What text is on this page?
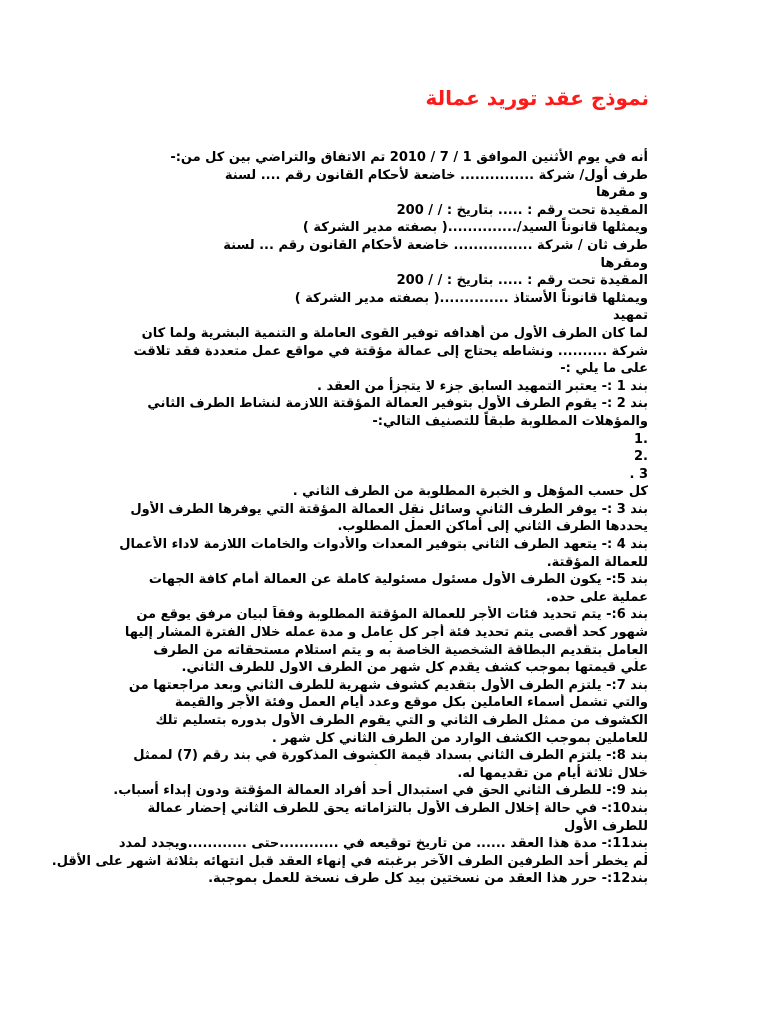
نموذج عقد توريد عمالة
أنه في يوم الأثنين الموافق 1 / 7 / 2010 تم الاتفاق والتراضي بين كل من:-
طرف أول/ شركة ............... خاضعة لأحكام القانون رقم .... لسنة
و مقرها
المقيدة تحت رقم : ..... بتاريخ : / / 200
ويمثلها قانوناً السيد/..............( بصفته مدير الشركة )
طرف ثان / شركة ................ خاضعة لأحكام القانون رقم ... لسنة
ومقرها
المقيدة تحت رقم : ..... بتاريخ : / / 200
ويمثلها قانوناً الأستاذ ..............( بصفته مدير الشركة )
تمهيد
لما كان الطرف الأول من أهدافه توفير القوى العاملة و التنمية البشرية ولما كان
شركة .......... ونشاطه يحتاج إلى عمالة مؤقتة في مواقع عمل متعددة فقد تلاقت
على ما يلي :-
بند 1 :- يعتبر التمهيد السابق جزء لا يتجزأ من العقد .
بند 2 :- يقوم الطرف الأول بتوفير العمالة المؤقتة اللازمة لنشاط الطرف الثاني
والمؤهلات المطلوبة طبقاً للتصنيف التالي:-
.1
.2
3 .
كل حسب المؤهل و الخبرة المطلوبة من الطرف الثاني .
بند 3 :- يوفر الطرف الثاني وسائل نقل العمالة المؤقتة التي يوفرها الطرف الأول
يحددها الطرف الثاني إلى أماكن العمل المطلوب.
بند 4 :- يتعهد الطرف الثاني بتوفير المعدات والأدوات والخامات اللازمة لاداء الأعمال
للعمالة المؤقتة.
بند 5:- يكون الطرف الأول مسئول مسئولية كاملة عن العمالة أمام كافة الجهات
عملية على حده.
بند 6:- يتم تحديد فئات الأجر للعمالة المؤقتة المطلوبة وفقاً لبيان مرفق يوقع من
شهور كحد أقصى يتم تحديد فئة أجر كل عامل و مدة عمله خلال الفترة المشار إليها
العامل بتقديم البطاقة الشخصية الخاصة به و يتم استلام مستحقاته من الطرف
علي قيمتها بموجب كشف يقدم كل شهر من الطرف الاول للطرف الثاني.
بند 7:- يلتزم الطرف الأول بتقديم كشوف شهرية للطرف الثاني وبعد مراجعتها من
والتي تشمل أسماء العاملين بكل موقع وعدد أيام العمل وفئة الأجر والقيمة
الكشوف من ممثل الطرف الثاني و التي يقوم الطرف الأول بدوره بتسليم تلك
للعاملين بموجب الكشف الوارد من الطرف الثاني كل شهر .
بند 8:- يلتزم الطرف الثاني بسداد قيمة الكشوف المذكورة في بند رقم (7) لممثل
خلال ثلاثة أيام من تقديمها له.
بند 9:- للطرف الثاني الحق في استبدال أحد أفراد العمالة المؤقتة ودون إبداء أسباب.
بند10:- في حالة إخلال الطرف الأول بالتزاماته يحق للطرف الثاني إحضار عمالة
للطرف الأول
بند11:- مدة هذا العقد ...... من تاريخ توقيعه في ............حتى ............ويجدد لمدد
لم يخطر أحد الطرفين الطرف الآخر برغبته في إنهاء العقد قبل انتهائه بثلاثة اشهر على الأقل.
بند12:- حرر هذا العقد من نسختين بيد كل طرف نسخة للعمل بموجبة.
